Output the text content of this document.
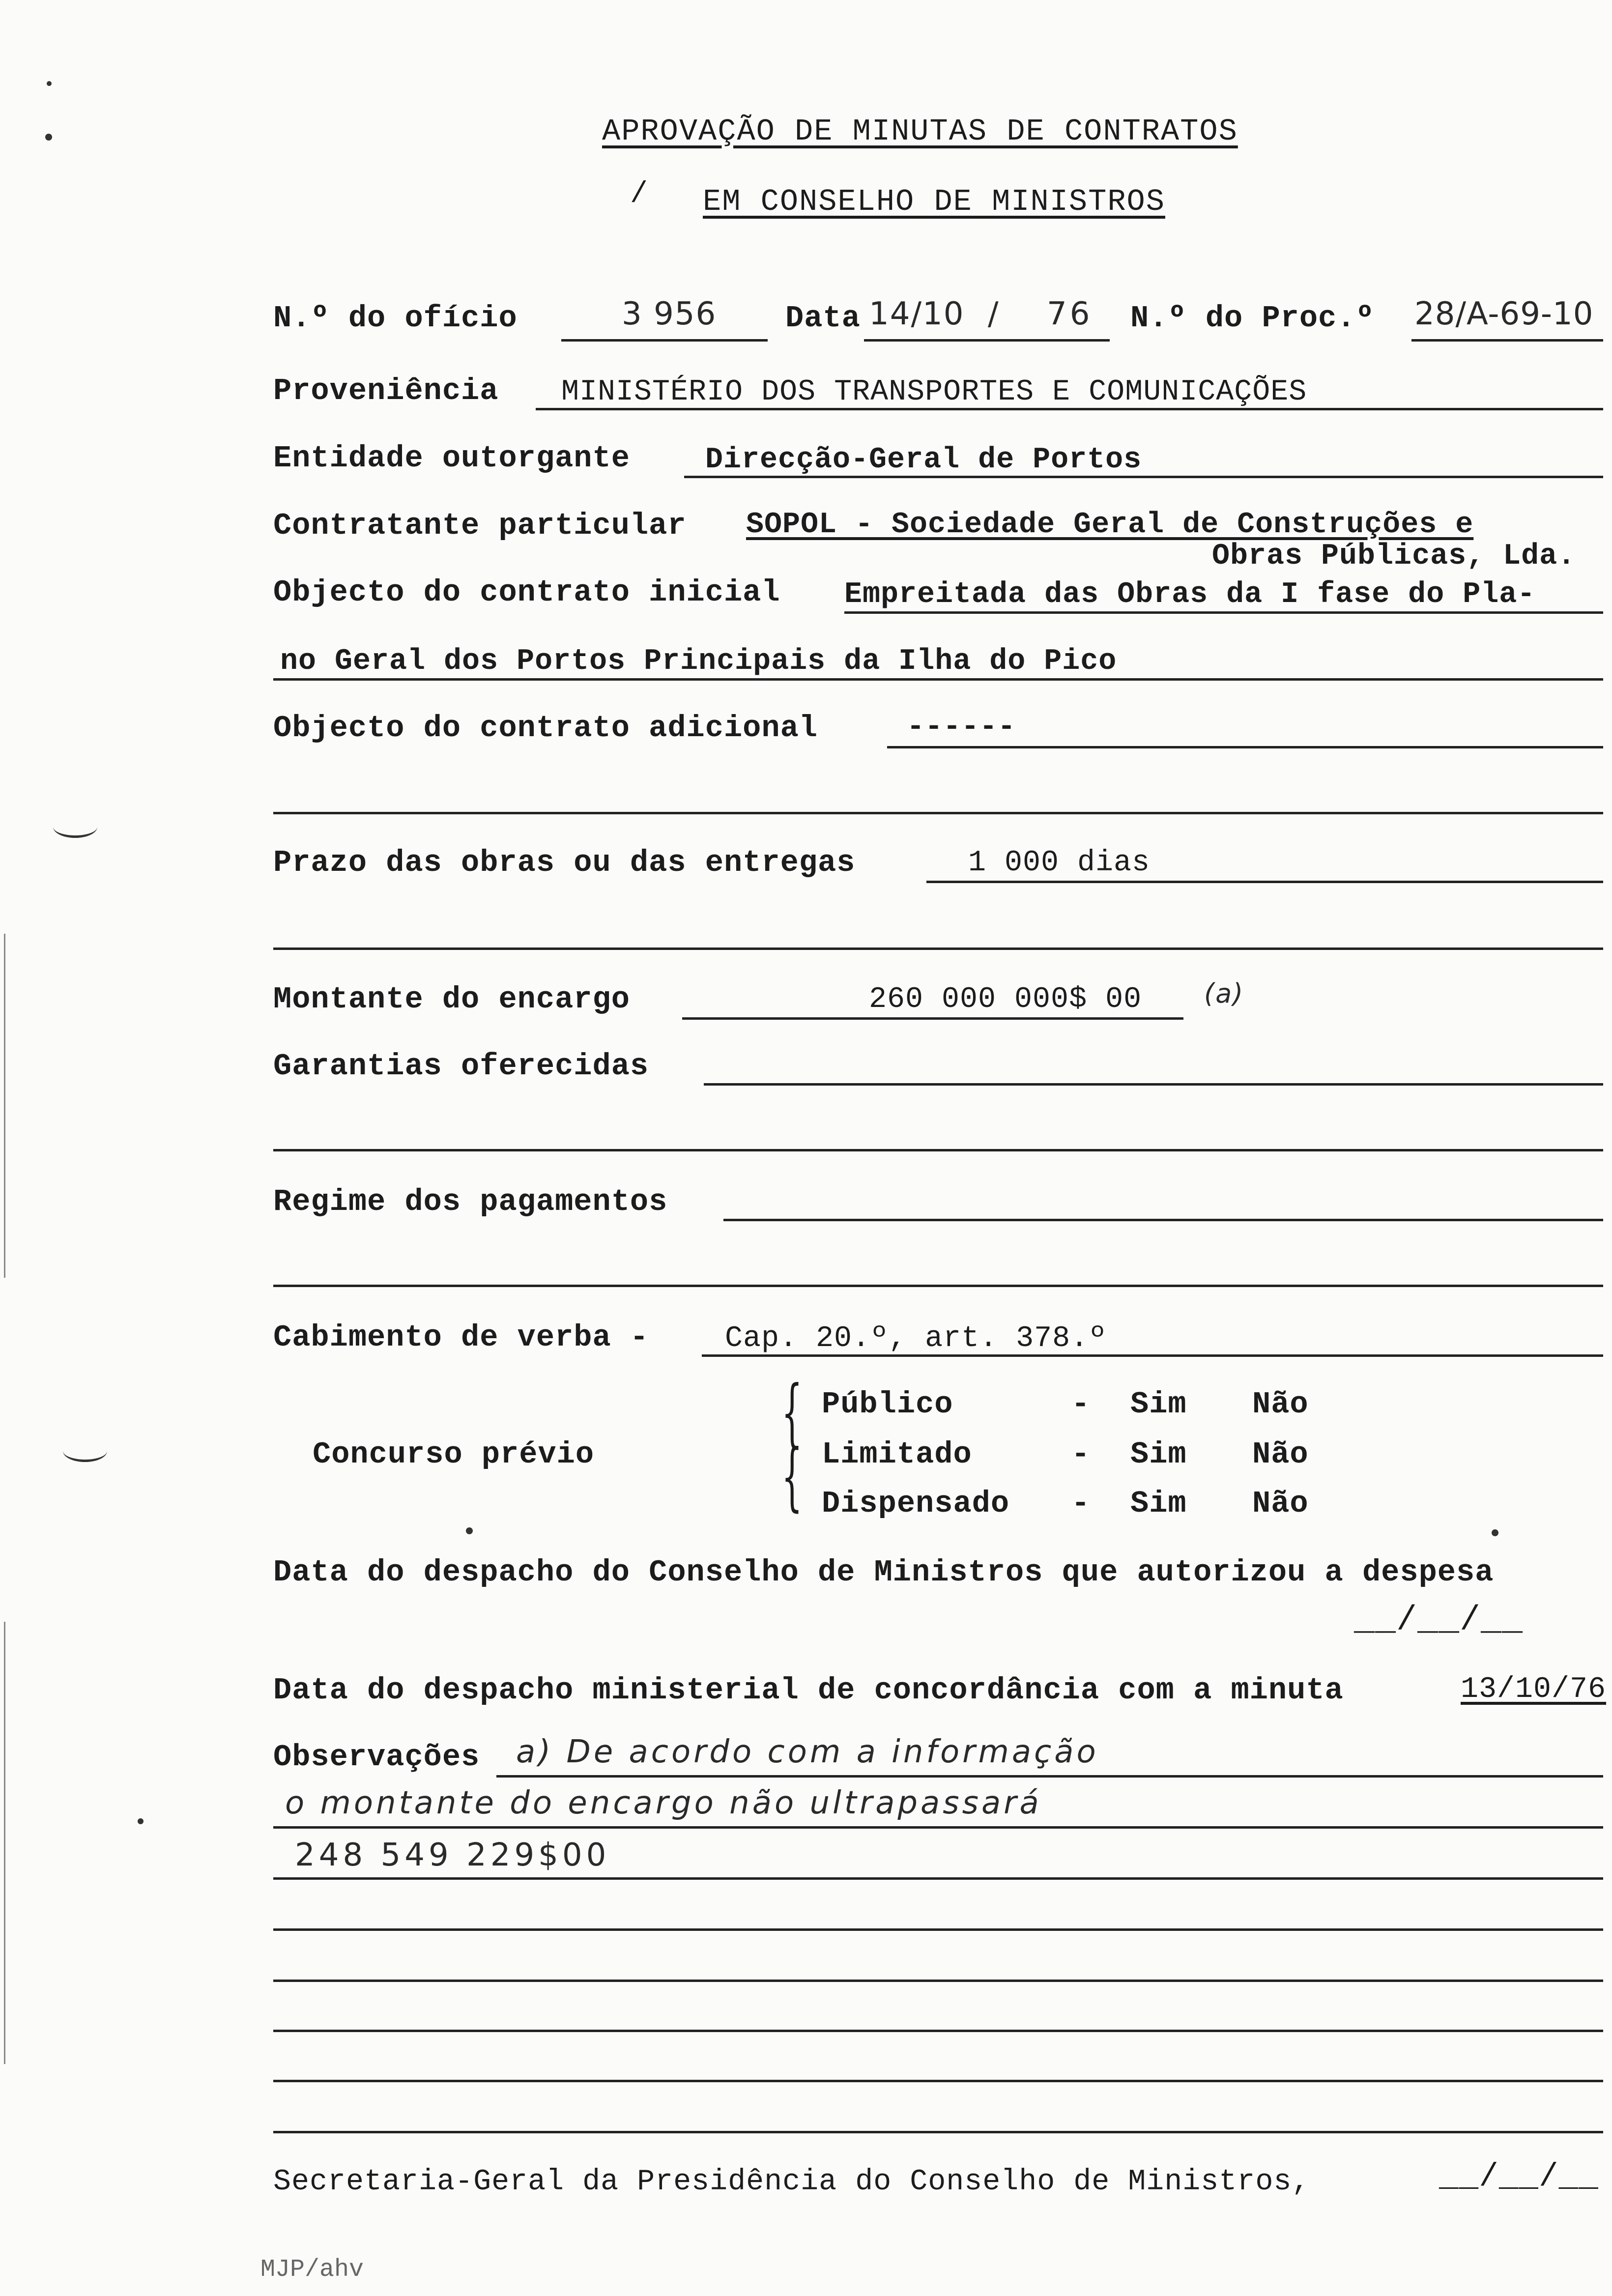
APROVAÇÃO DE MINUTAS DE CONTRATOS
/ EM CONSELHO DE MINISTROS
N.º do ofício	3 956 Data 14/10 / 76 N.º do Proc.º 28/A-69-10
Proveniência MINISTÉRIO DOS TRANSPORTES E COMUNICAÇÕES
Entidade outorgante	Direcção-Geral de Portos
Contratante particular SOPOL - Sociedade Geral de Construções e
Obras Públicas, Lda.
Objecto do contrato inicial Empreitada das Obras da I fase do Pla-
no Geral dos Portos Principais da Ilha do Pico
Objecto do contrato adicional	------
Prazo das obras ou das entregas	1 000 dias
Montante do encargo	260 000 000$ 00 (a)
Garantias oferecidas
Regime dos pagamentos
Cabimento de verba -	Cap. 20.º, art. 378.º
Concurso prévio	{
{
Público	- Sim Não
Limitado	- Sim Não
Dispensado - Sim Não
Data do despacho do Conselho de Ministros que autorizou a despesa
__/__/__
Data do despacho ministerial de concordância com a minuta	13/10/76
Observações a) De acordo com a informação
o montante do encargo não ultrapassará
248 549 229$00
Secretaria-Geral da Presidência do Conselho de Ministros,	__/__/__
MJP/ahv
